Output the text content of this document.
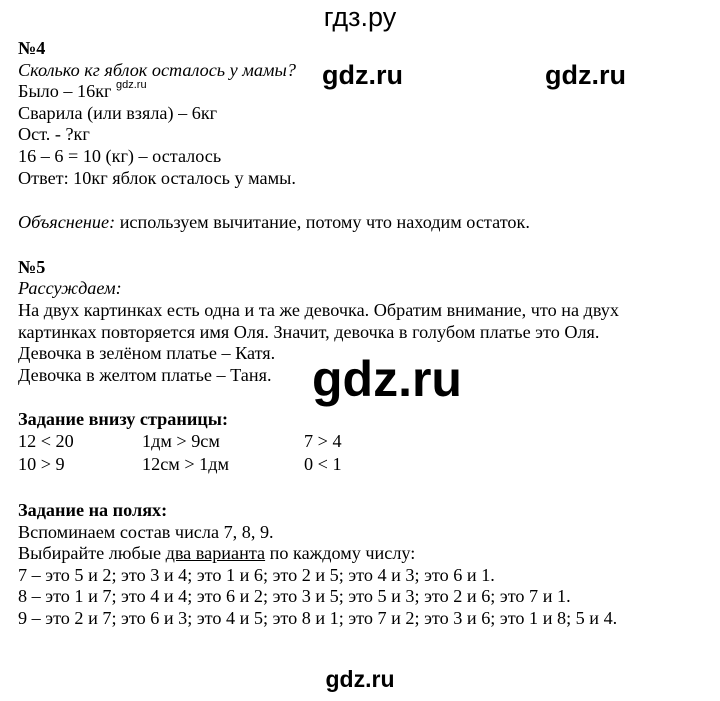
гдз.ру

№4

Сколько кг яблок осталось у мамы?

Было – 16кг

Сварила (или взяла) – 6кг

Ост. - ?кг

16 – 6 = 10 (кг) – осталось

Ответ: 10кг яблок осталось у мамы.

Объяснение: используем вычитание, потому что находим остаток.

№5

Рассуждаем:

На двух картинках есть одна и та же девочка. Обратим внимание, что на двух

картинках повторяется имя Оля. Значит, девочка в голубом платье это Оля.

Девочка в зелёном платье – Катя.

Девочка в желтом платье – Таня.

Задание внизу страницы:

12 < 20	1дм > 9см	7 > 4
10 > 9	12см > 1дм	0 < 1

Задание на полях:

Вспоминаем состав числа 7, 8, 9.

Выбирайте любые два варианта по каждому числу:

7 – это 5 и 2; это 3 и 4; это 1 и 6; это 2 и 5; это 4 и 3; это 6 и 1.

8 – это 1 и 7; это 4 и 4; это 6 и 2; это 3 и 5; это 5 и 3; это 2 и 6; это 7 и 1.

9 – это 2 и 7; это 6 и 3; это 4 и 5; это 8 и 1; это 7 и 2; это 3 и 6; это 1 и 8; 5 и 4.

gdz.ru	gdz.ru
gdz.ru
gdz.ru
gdz.ru
